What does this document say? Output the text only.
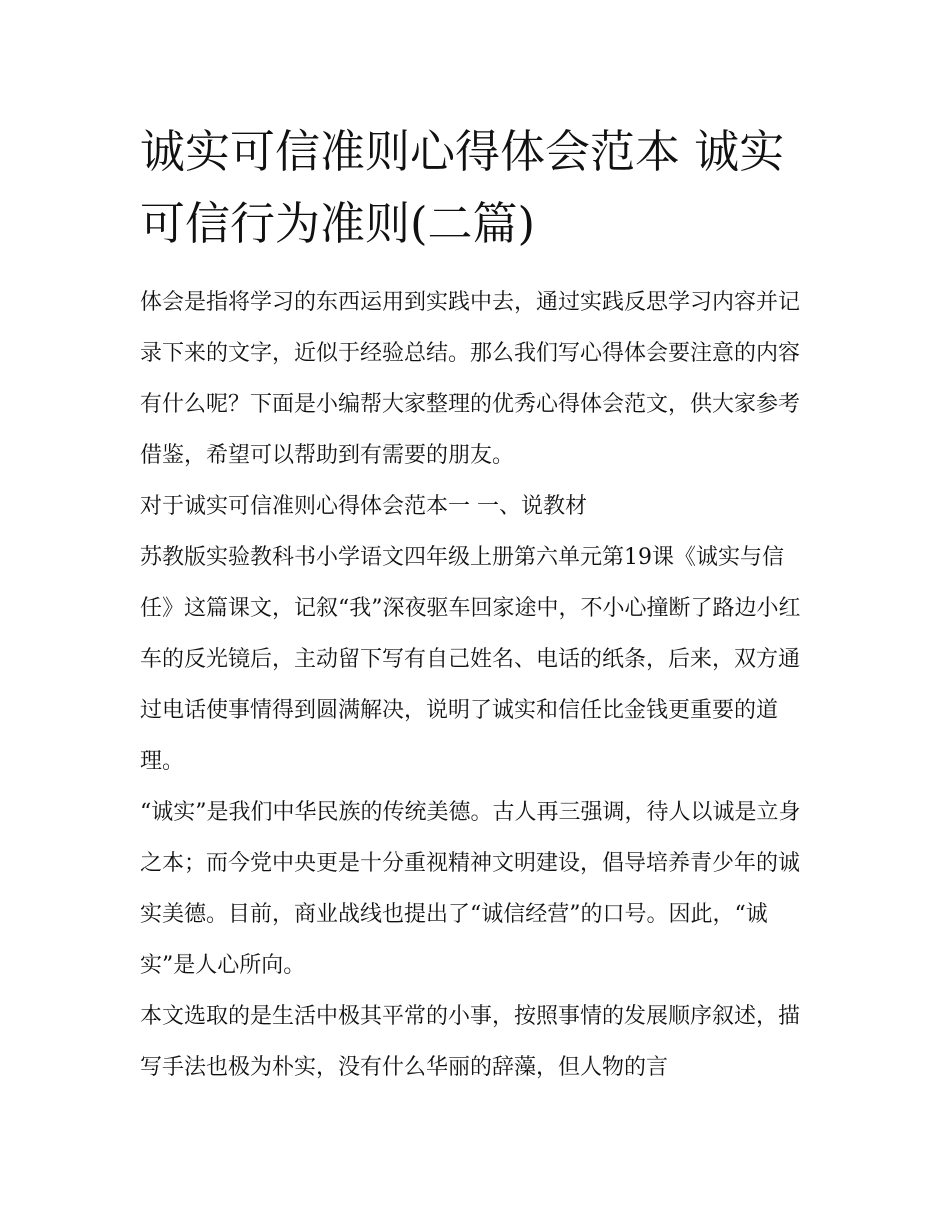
诚实可信准则心得体会范本 诚实可信行为准则(二篇)

体会是指将学习的东西运用到实践中去，通过实践反思学习内容并记录下来的文字，近似于经验总结。那么我们写心得体会要注意的内容有什么呢？下面是小编帮大家整理的优秀心得体会范文，供大家参考借鉴，希望可以帮助到有需要的朋友。

对于诚实可信准则心得体会范本一 一、说教材

苏教版实验教科书小学语文四年级上册第六单元第19课《诚实与信任》这篇课文，记叙“我”深夜驱车回家途中，不小心撞断了路边小红车的反光镜后，主动留下写有自己姓名、电话的纸条，后来，双方通过电话使事情得到圆满解决，说明了诚实和信任比金钱更重要的道理。

“诚实”是我们中华民族的传统美德。古人再三强调，待人以诚是立身之本；而今党中央更是十分重视精神文明建设，倡导培养青少年的诚实美德。目前，商业战线也提出了“诚信经营”的口号。因此，“诚实”是人心所向。

本文选取的是生活中极其平常的小事，按照事情的发展顺序叙述，描写手法也极为朴实，没有什么华丽的辞藻，但人物的言
